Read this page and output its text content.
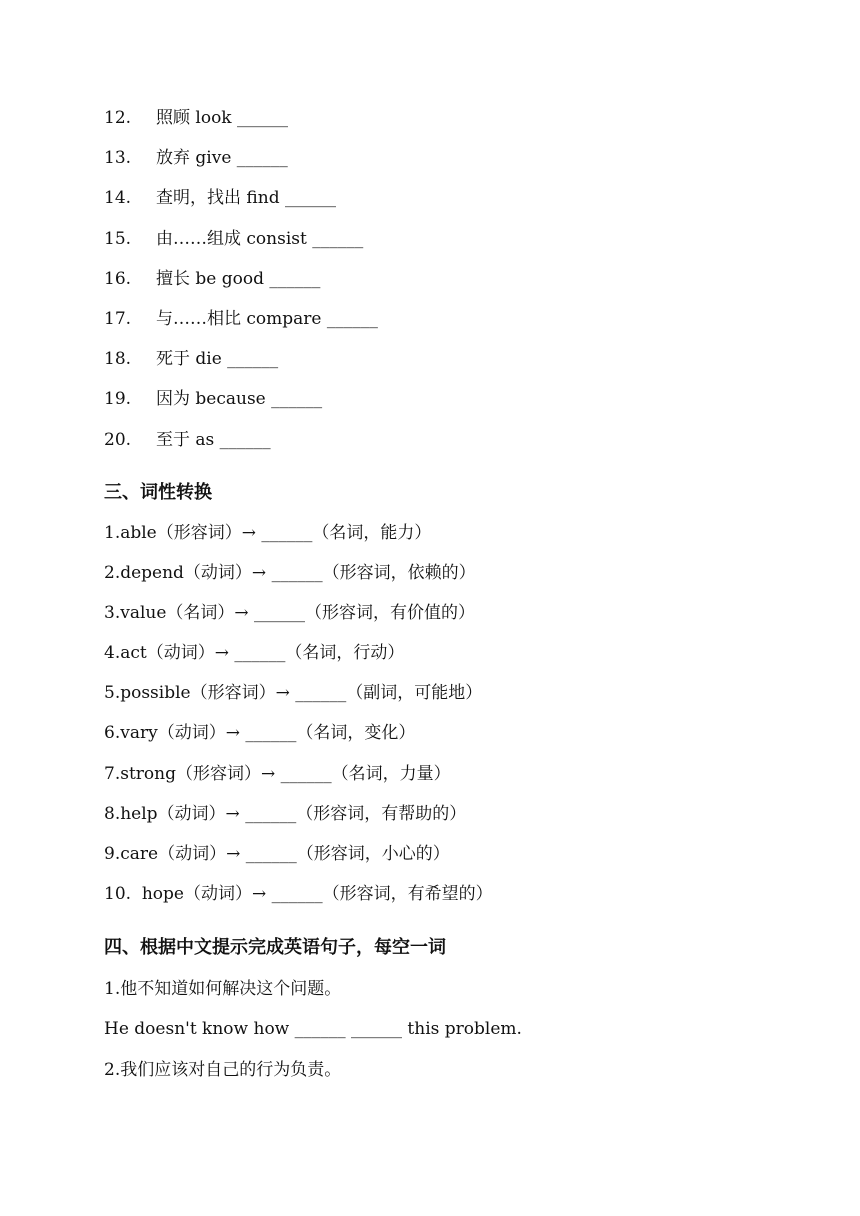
12. 照顾 look ______
13. 放弃 give ______
14. 查明，找出 find ______
15. 由……组成 consist ______
16. 擅长 be good ______
17. 与……相比 compare ______
18. 死于 die ______
19. 因为 because ______
20. 至于 as ______
三、词性转换
1.able（形容词）→ ______（名词，能力）
2.depend（动词）→ ______（形容词，依赖的）
3.value（名词）→ ______（形容词，有价值的）
4.act（动词）→ ______（名词，行动）
5.possible（形容词）→ ______（副词，可能地）
6.vary（动词）→ ______（名词，变化）
7.strong（形容词）→ ______（名词，力量）
8.help（动词）→ ______（形容词，有帮助的）
9.care（动词）→ ______（形容词，小心的）
10.  hope（动词）→ ______（形容词，有希望的）
四、根据中文提示完成英语句子，每空一词
1.他不知道如何解决这个问题。
He doesn't know how ______ ______ this problem.
2.我们应该对自己的行为负责。
